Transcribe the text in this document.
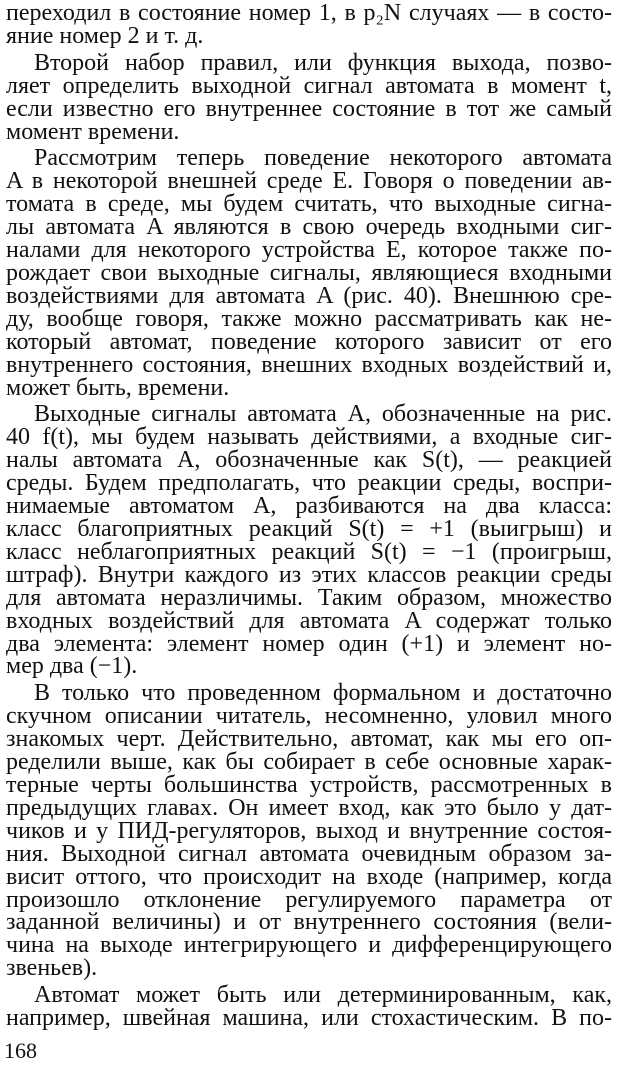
переходил в состояние номер 1, в p₂N случаях — в состо-
яние номер 2 и т. д.
Второй набор правил, или функция выхода, позво-
ляет определить выходной сигнал автомата в момент t,
если известно его внутреннее состояние в тот же самый
момент времени.
Рассмотрим теперь поведение некоторого автомата
A в некоторой внешней среде E. Говоря о поведении ав-
томата в среде, мы будем считать, что выходные сигна-
лы автомата A являются в свою очередь входными сиг-
налами для некоторого устройства E, которое также по-
рождает свои выходные сигналы, являющиеся входными
воздействиями для автомата A (рис. 40). Внешнюю сре-
ду, вообще говоря, также можно рассматривать как не-
который автомат, поведение которого зависит от его
внутреннего состояния, внешних входных воздействий и,
может быть, времени.
Выходные сигналы автомата A, обозначенные на рис.
40 f(t), мы будем называть действиями, а входные сиг-
налы автомата A, обозначенные как S(t), — реакцией
среды. Будем предполагать, что реакции среды, воспри-
нимаемые автоматом A, разбиваются на два класса:
класс благоприятных реакций S(t) = +1 (выигрыш) и
класс неблагоприятных реакций S(t) = −1 (проигрыш,
штраф). Внутри каждого из этих классов реакции среды
для автомата неразличимы. Таким образом, множество
входных воздействий для автомата A содержат только
два элемента: элемент номер один (+1) и элемент но-
мер два (−1).
В только что проведенном формальном и достаточно
скучном описании читатель, несомненно, уловил много
знакомых черт. Действительно, автомат, как мы его оп-
ределили выше, как бы собирает в себе основные харак-
терные черты большинства устройств, рассмотренных в
предыдущих главах. Он имеет вход, как это было у дат-
чиков и у ПИД-регуляторов, выход и внутренние состоя-
ния. Выходной сигнал автомата очевидным образом за-
висит оттого, что происходит на входе (например, когда
произошло отклонение регулируемого параметра от
заданной величины) и от внутреннего состояния (вели-
чина на выходе интегрирующего и дифференцирующего
звеньев).
Автомат может быть или детерминированным, как,
например, швейная машина, или стохастическим. В по-
168
